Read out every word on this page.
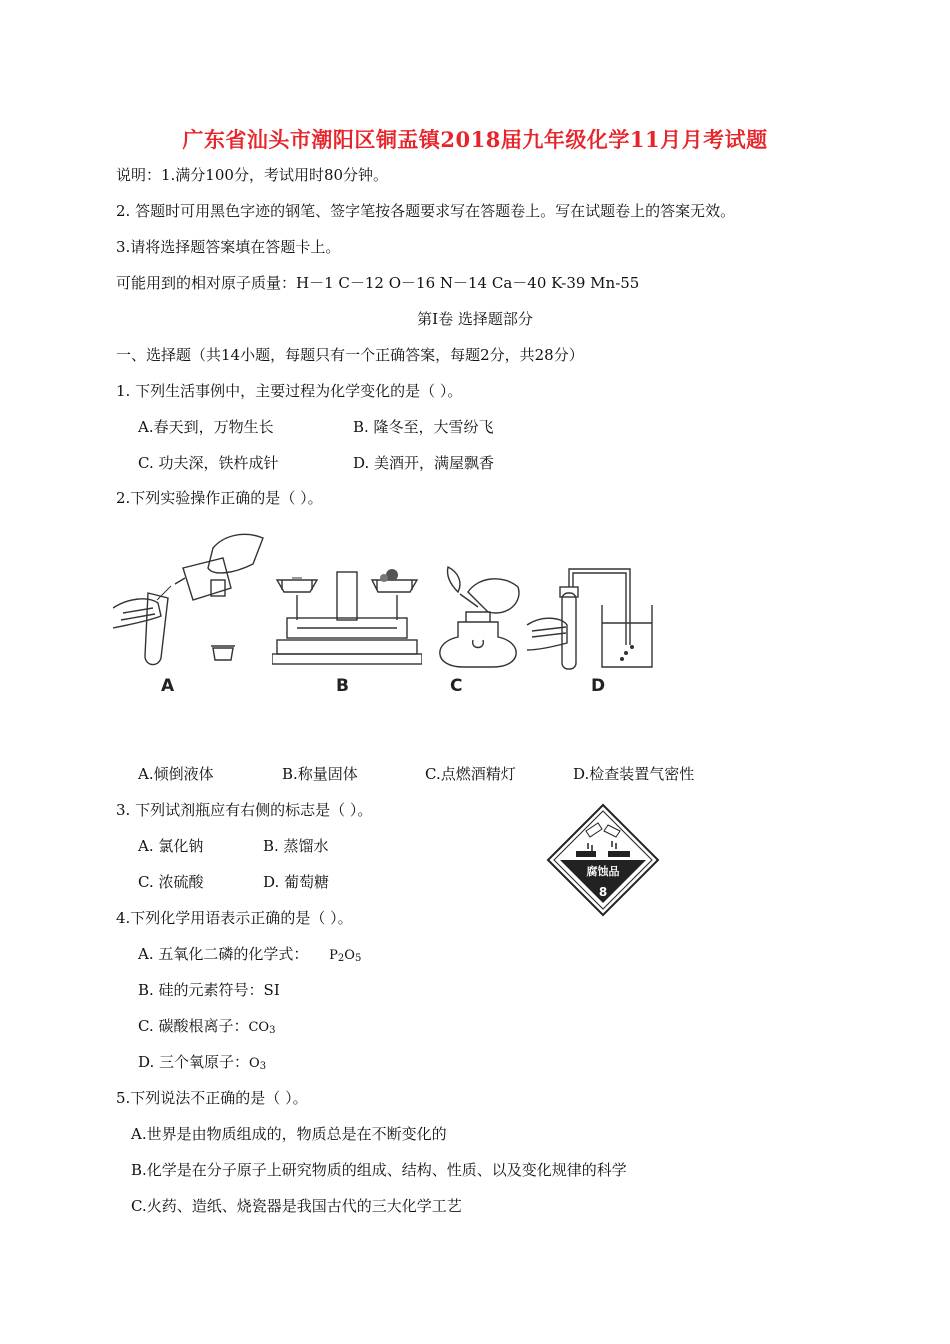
广东省汕头市潮阳区铜盂镇2018届九年级化学11月月考试题
说明：1.满分100分，考试用时80分钟。
2. 答题时可用黑色字迹的钢笔、签字笔按各题要求写在答题卷上。写在试题卷上的答案无效。
3.请将选择题答案填在答题卡上。
可能用到的相对原子质量：H－1 C－12 O－16 N－14 Ca－40 K-39 Mn-55
第Ⅰ卷 选择题部分
一、选择题（共14小题，每题只有一个正确答案，每题2分，共28分）
1. 下列生活事例中，主要过程为化学变化的是（ ）。
A.春天到，万物生长	B. 隆冬至，大雪纷飞
C. 功夫深，铁杵成针	D. 美酒开，满屋飘香
2.下列实验操作正确的是（ ）。
A	B	C	D
A.倾倒液体	B.称量固体	C.点燃酒精灯	D.检查装置气密性
3. 下列试剂瓶应有右侧的标志是（ ）。
A. 氯化钠	B. 蒸馏水
C. 浓硫酸	D. 葡萄糖
腐蚀品
8
4.下列化学用语表示正确的是（ ）。
A. 五氧化二磷的化学式： $P_2O_5$
B. 硅的元素符号：SI
C. 碳酸根离子：$CO_3$
D. 三个氧原子：$O_3$
5.下列说法不正确的是（ ）。
A.世界是由物质组成的，物质总是在不断变化的
B.化学是在分子原子上研究物质的组成、结构、性质、以及变化规律的科学
C.火药、造纸、烧瓷器是我国古代的三大化学工艺
